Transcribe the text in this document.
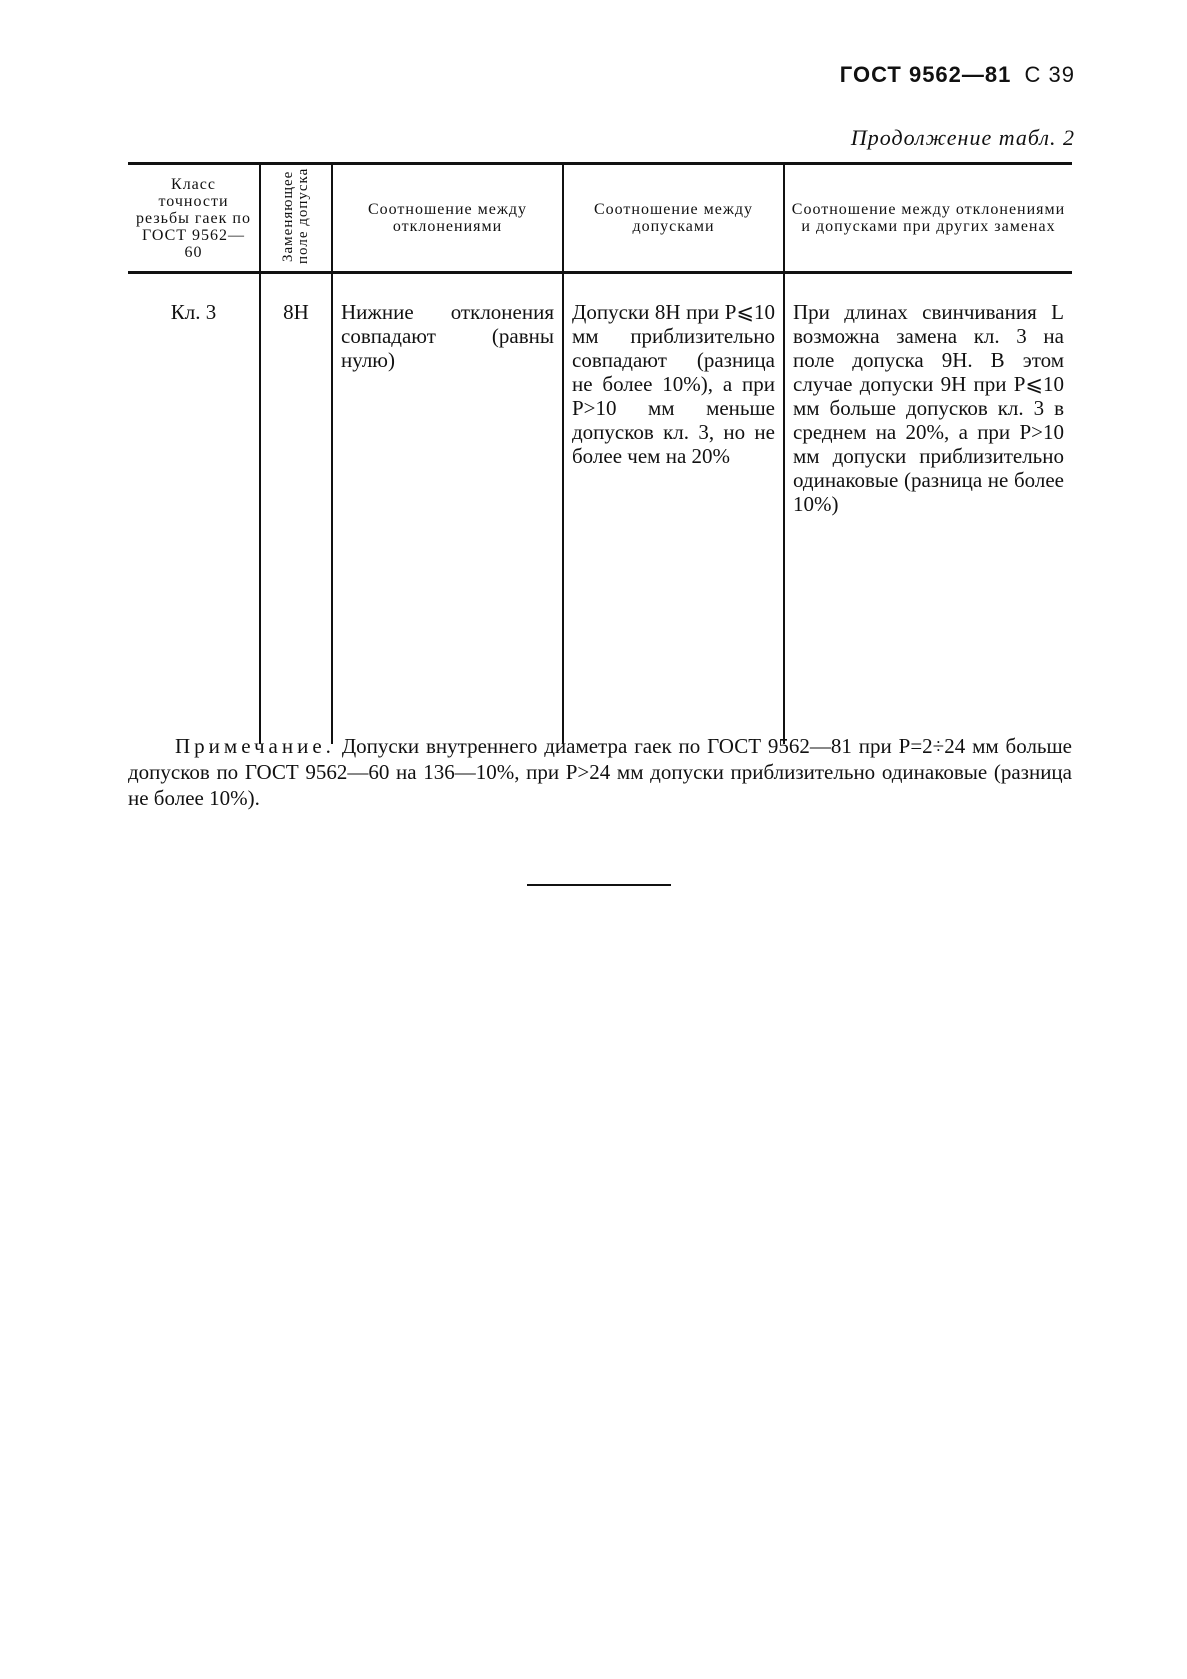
ГОСТ 9562—81 С 39
Продолжение табл. 2
Класс точности резьбы гаек по ГОСТ 9562—60	Заменяющее поле допуска	Соотношение между отклонениями	Соотношение между допусками	Соотношение между отклонениями и допусками при других заменах
Кл. 3	8Н	Нижние отклонения совпадают (равны нулю)	Допуски 8Н при P⩽10 мм приблизительно совпадают (разница не более 10%), а при P>10 мм меньше допусков кл. 3, но не более чем на 20%	При длинах свинчивания L возможна замена кл. 3 на поле допуска 9Н. В этом случае допуски 9Н при P⩽10 мм больше допусков кл. 3 в среднем на 20%, а при P>10 мм допуски приблизительно одинаковые (разница не более 10%)

Примечание. Допуски внутреннего диаметра гаек по ГОСТ 9562—81 при P=2÷24 мм больше допусков по ГОСТ 9562—60 на 136—10%, при P>24 мм допуски приблизительно одинаковые (разница не более 10%).
